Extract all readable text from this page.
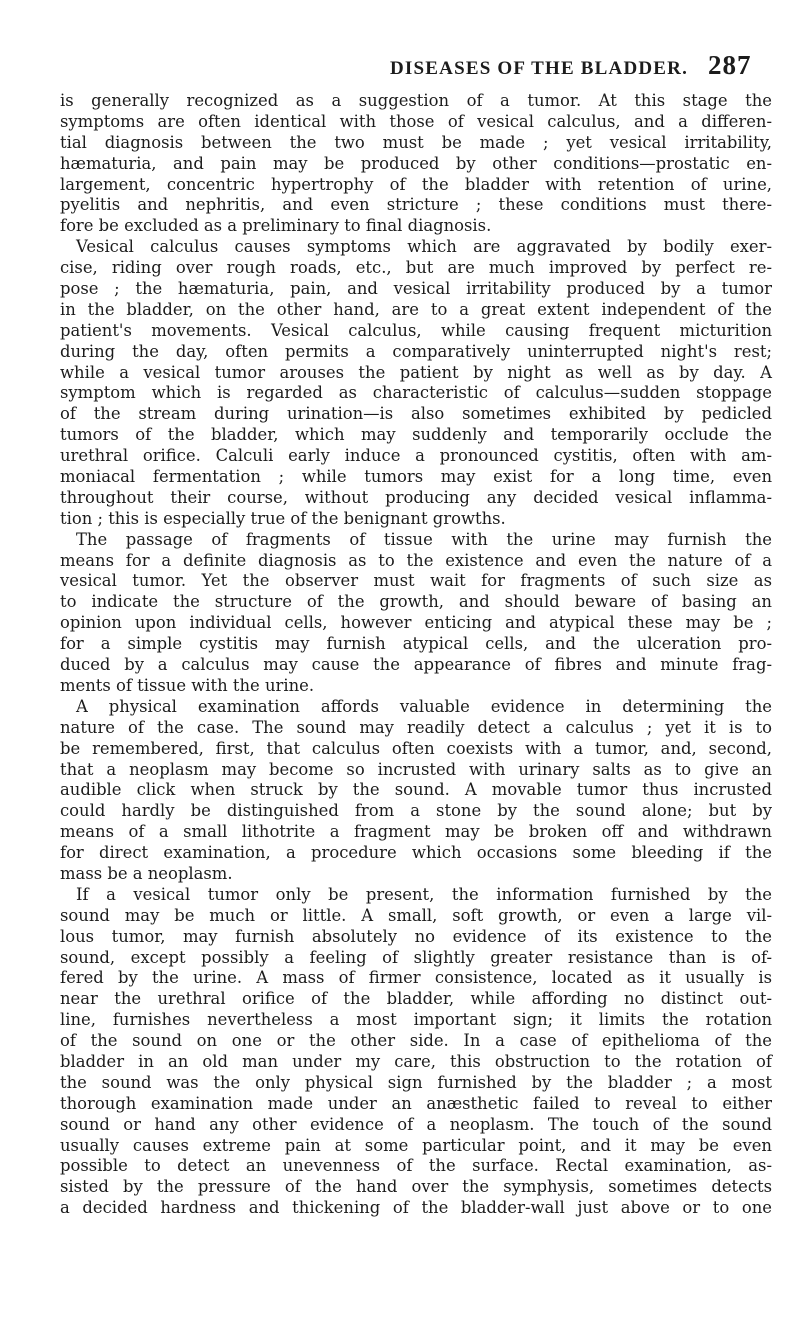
DISEASES OF THE BLADDER. 287
is generally recognized as a suggestion of a tumor. At this stage the
symptoms are often identical with those of vesical calculus, and a differen-
tial diagnosis between the two must be made ; yet vesical irritability,
hæmaturia, and pain may be produced by other conditions—prostatic en-
largement, concentric hypertrophy of the bladder with retention of urine,
pyelitis and nephritis, and even stricture ; these conditions must there-
fore be excluded as a preliminary to final diagnosis.
Vesical calculus causes symptoms which are aggravated by bodily exer-
cise, riding over rough roads, etc., but are much improved by perfect re-
pose ; the hæmaturia, pain, and vesical irritability produced by a tumor
in the bladder, on the other hand, are to a great extent independent of the
patient's movements. Vesical calculus, while causing frequent micturition
during the day, often permits a comparatively uninterrupted night's rest;
while a vesical tumor arouses the patient by night as well as by day. A
symptom which is regarded as characteristic of calculus—sudden stoppage
of the stream during urination—is also sometimes exhibited by pedicled
tumors of the bladder, which may suddenly and temporarily occlude the
urethral orifice. Calculi early induce a pronounced cystitis, often with am-
moniacal fermentation ; while tumors may exist for a long time, even
throughout their course, without producing any decided vesical inflamma-
tion ; this is especially true of the benignant growths.
The passage of fragments of tissue with the urine may furnish the
means for a definite diagnosis as to the existence and even the nature of a
vesical tumor. Yet the observer must wait for fragments of such size as
to indicate the structure of the growth, and should beware of basing an
opinion upon individual cells, however enticing and atypical these may be ;
for a simple cystitis may furnish atypical cells, and the ulceration pro-
duced by a calculus may cause the appearance of fibres and minute frag-
ments of tissue with the urine.
A physical examination affords valuable evidence in determining the
nature of the case. The sound may readily detect a calculus ; yet it is to
be remembered, first, that calculus often coexists with a tumor, and, second,
that a neoplasm may become so incrusted with urinary salts as to give an
audible click when struck by the sound. A movable tumor thus incrusted
could hardly be distinguished from a stone by the sound alone; but by
means of a small lithotrite a fragment may be broken off and withdrawn
for direct examination, a procedure which occasions some bleeding if the
mass be a neoplasm.
If a vesical tumor only be present, the information furnished by the
sound may be much or little. A small, soft growth, or even a large vil-
lous tumor, may furnish absolutely no evidence of its existence to the
sound, except possibly a feeling of slightly greater resistance than is of-
fered by the urine. A mass of firmer consistence, located as it usually is
near the urethral orifice of the bladder, while affording no distinct out-
line, furnishes nevertheless a most important sign; it limits the rotation
of the sound on one or the other side. In a case of epithelioma of the
bladder in an old man under my care, this obstruction to the rotation of
the sound was the only physical sign furnished by the bladder ; a most
thorough examination made under an anæsthetic failed to reveal to either
sound or hand any other evidence of a neoplasm. The touch of the sound
usually causes extreme pain at some particular point, and it may be even
possible to detect an unevenness of the surface. Rectal examination, as-
sisted by the pressure of the hand over the symphysis, sometimes detects
a decided hardness and thickening of the bladder-wall just above or to one
